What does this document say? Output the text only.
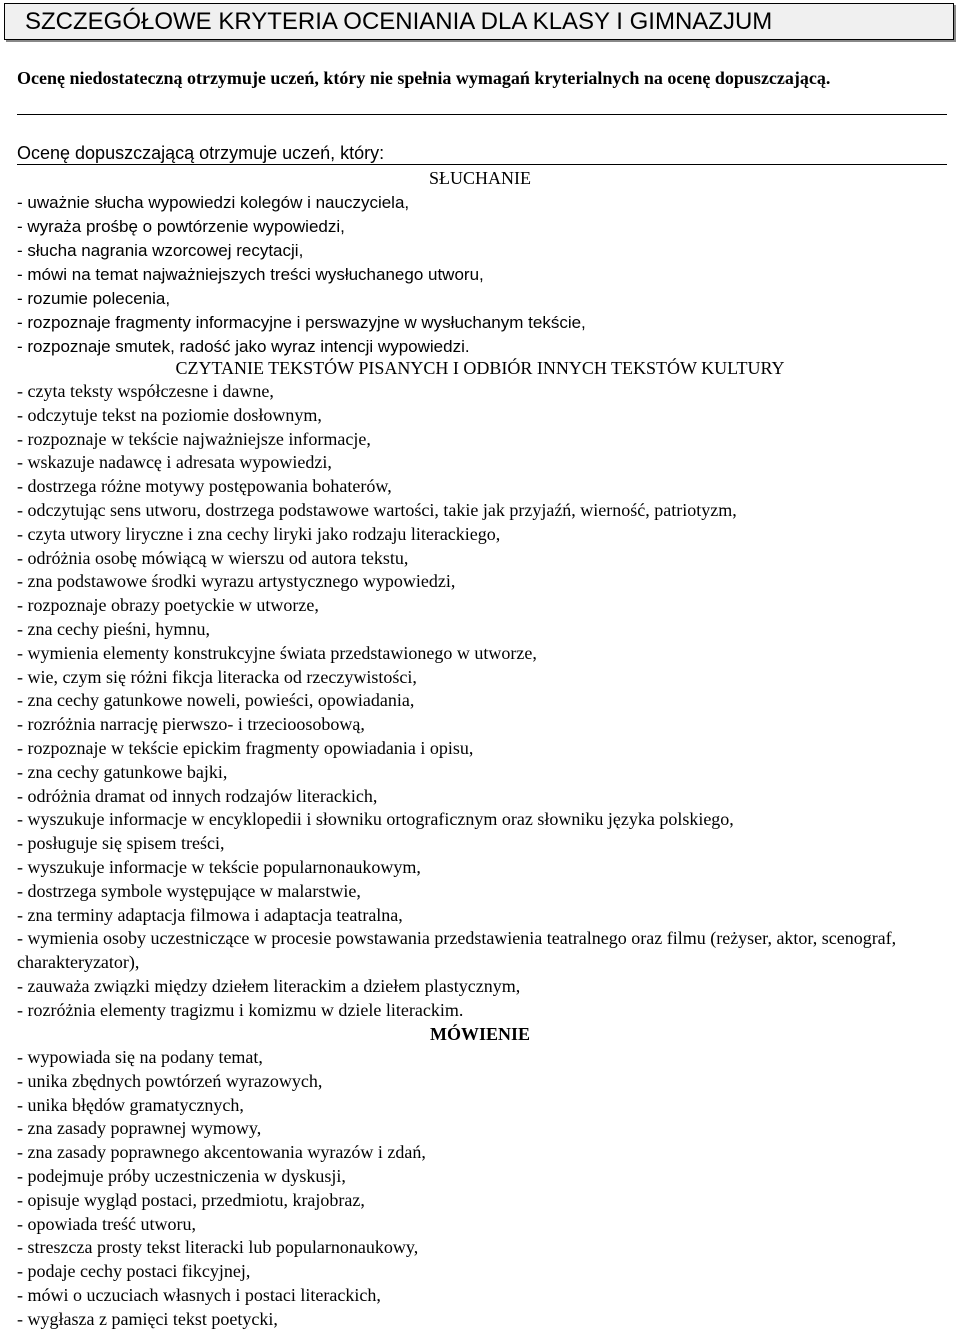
SZCZEGÓŁOWE KRYTERIA OCENIANIA DLA KLASY I GIMNAZJUM
Ocenę niedostateczną otrzymuje uczeń, który nie spełnia wymagań kryterialnych na ocenę dopuszczającą.
Ocenę dopuszczającą otrzymuje uczeń, który:
SŁUCHANIE
- uważnie słucha wypowiedzi kolegów i nauczyciela,
- wyraża prośbę o powtórzenie wypowiedzi,
- słucha nagrania wzorcowej recytacji,
- mówi na temat najważniejszych treści wysłuchanego utworu,
- rozumie polecenia,
- rozpoznaje fragmenty informacyjne i perswazyjne w wysłuchanym tekście,
- rozpoznaje smutek, radość jako wyraz intencji wypowiedzi.
CZYTANIE TEKSTÓW PISANYCH I ODBIÓR INNYCH TEKSTÓW KULTURY
- czyta teksty współczesne i dawne,
- odczytuje tekst na poziomie dosłownym,
- rozpoznaje w tekście najważniejsze informacje,
- wskazuje nadawcę i adresata wypowiedzi,
- dostrzega różne motywy postępowania bohaterów,
- odczytując sens utworu, dostrzega podstawowe wartości, takie jak przyjaźń, wierność, patriotyzm,
- czyta utwory liryczne i zna cechy liryki jako rodzaju literackiego,
- odróżnia osobę mówiącą w wierszu od autora tekstu,
- zna podstawowe środki wyrazu artystycznego wypowiedzi,
- rozpoznaje obrazy poetyckie w utworze,
- zna cechy pieśni, hymnu,
- wymienia elementy konstrukcyjne świata przedstawionego w utworze,
- wie, czym się różni fikcja literacka od rzeczywistości,
- zna cechy gatunkowe noweli, powieści, opowiadania,
- rozróżnia narrację pierwszo- i trzecioosobową,
- rozpoznaje w tekście epickim fragmenty opowiadania i opisu,
- zna cechy gatunkowe bajki,
- odróżnia dramat od innych rodzajów literackich,
- wyszukuje informacje w encyklopedii i słowniku ortograficznym oraz słowniku języka polskiego,
- posługuje się spisem treści,
- wyszukuje informacje w tekście popularnonaukowym,
- dostrzega symbole występujące w malarstwie,
- zna terminy adaptacja filmowa i adaptacja teatralna,
- wymienia osoby uczestniczące w procesie powstawania przedstawienia teatralnego oraz filmu (reżyser, aktor, scenograf, charakteryzator),
- zauważa związki między dziełem literackim a dziełem plastycznym,
- rozróżnia elementy tragizmu i komizmu w dziele literackim.
MÓWIENIE
- wypowiada się na podany temat,
- unika zbędnych powtórzeń wyrazowych,
- unika błędów gramatycznych,
- zna zasady poprawnej wymowy,
- zna zasady poprawnego akcentowania wyrazów i zdań,
- podejmuje próby uczestniczenia w dyskusji,
- opisuje wygląd postaci, przedmiotu, krajobraz,
- opowiada treść utworu,
- streszcza prosty tekst literacki lub popularnonaukowy,
- podaje cechy postaci fikcyjnej,
- mówi o uczuciach własnych i postaci literackich,
- wygłasza z pamięci tekst poetycki,
